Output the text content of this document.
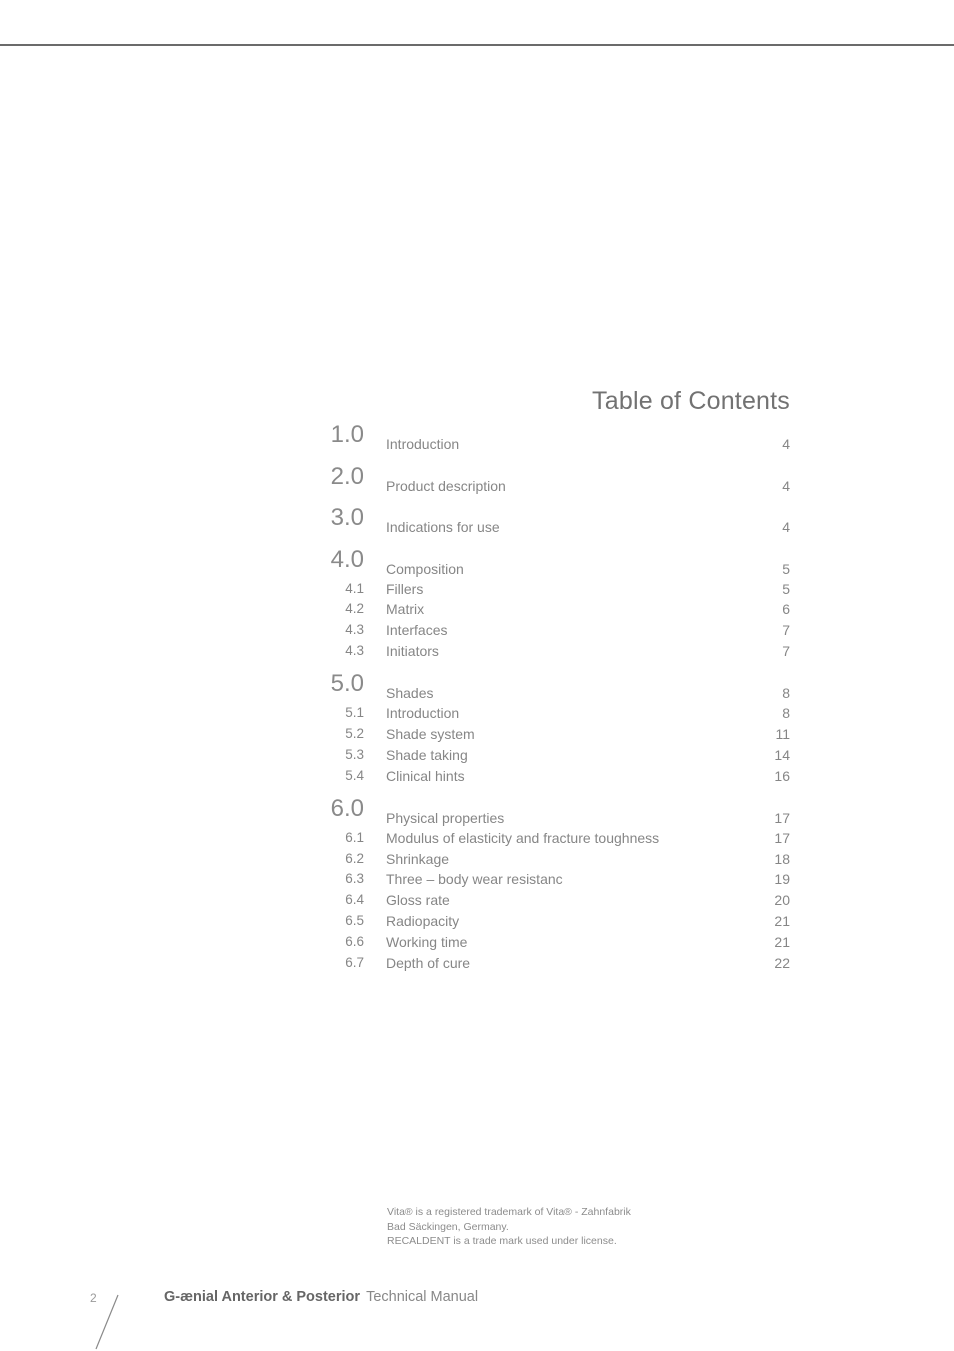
Table of Contents
1.0 Introduction	4
2.0 Product description	4
3.0 Indications for use	4
4.0 Composition	5
4.1 Fillers	5
4.2 Matrix	6
4.3 Interfaces	7
4.3 Initiators	7
5.0 Shades	8
5.1 Introduction	8
5.2 Shade system	11
5.3 Shade taking	14
5.4 Clinical hints	16
6.0 Physical properties	17
6.1 Modulus of elasticity and fracture toughness	17
6.2 Shrinkage	18
6.3 Three – body wear resistanc	19
6.4 Gloss rate	20
6.5 Radiopacity	21
6.6 Working time	21
6.7 Depth of cure	22
Vita® is a registered trademark of Vita® - Zahnfabrik
Bad Säckingen, Germany.
RECALDENT is a trade mark used under license.
2	G-ænial Anterior & Posterior Technical Manual
